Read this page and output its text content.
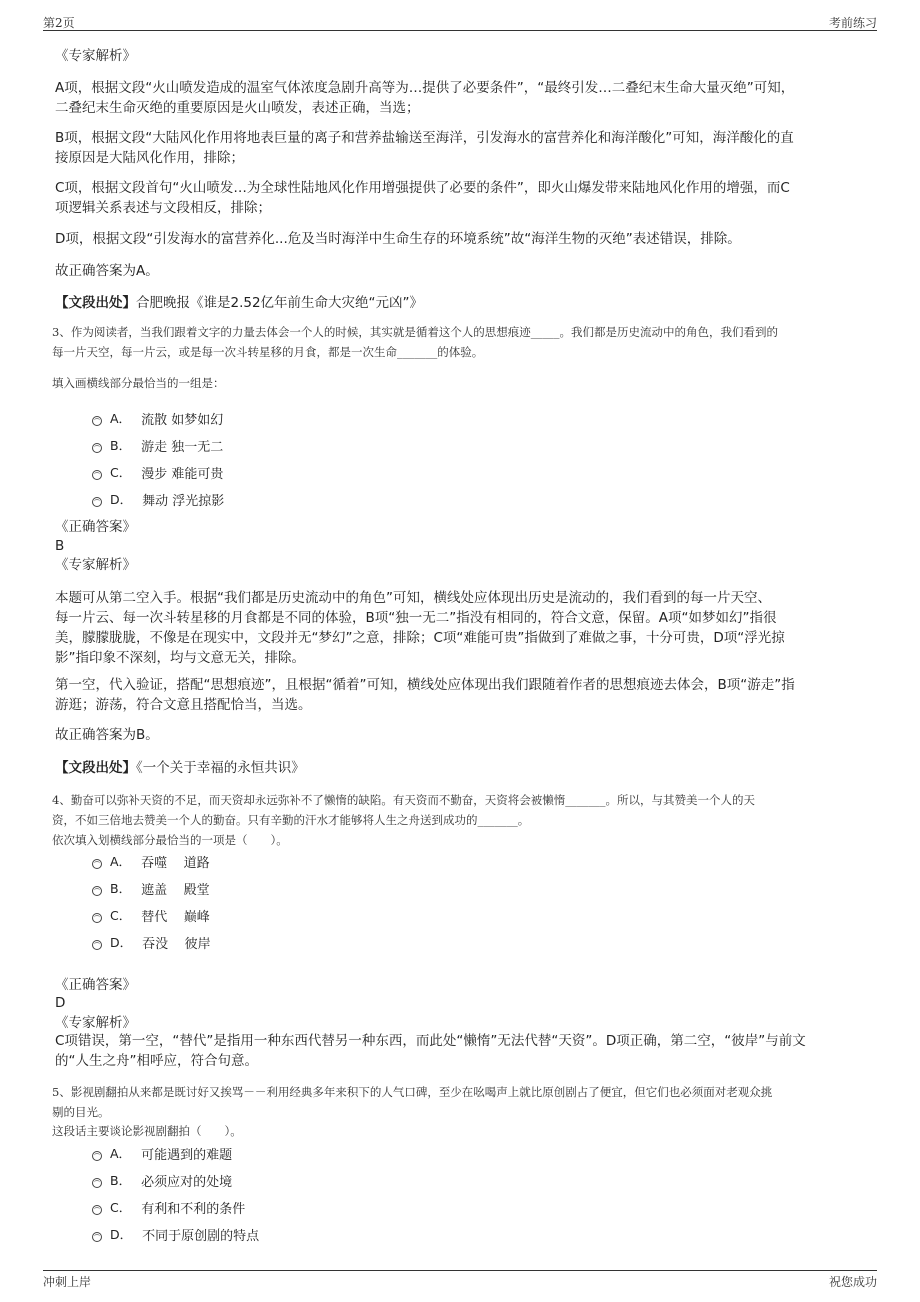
第2页	考前练习
《专家解析》
A项，根据文段“火山喷发造成的温室气体浓度急剧升高等为…提供了必要条件”，“最终引发…二叠纪末生命大量灭绝”可知，
二叠纪末生命灭绝的重要原因是火山喷发，表述正确，当选；
B项，根据文段“大陆风化作用将地表巨量的离子和营养盐输送至海洋，引发海水的富营养化和海洋酸化”可知，海洋酸化的直
接原因是大陆风化作用，排除；
C项，根据文段首句“火山喷发…为全球性陆地风化作用增强提供了必要的条件”，即火山爆发带来陆地风化作用的增强，而C
项逻辑关系表述与文段相反，排除；
D项，根据文段“引发海水的富营养化...危及当时海洋中生命生存的环境系统”故“海洋生物的灭绝”表述错误，排除。
故正确答案为A。
【文段出处】合肥晚报《谁是2.52亿年前生命大灾绝“元凶”》
3、作为阅读者，当我们跟着文字的力量去体会一个人的时候，其实就是循着这个人的思想痕迹_____。我们都是历史流动中的角色，我们看到的
每一片天空，每一片云，或是每一次斗转星移的月食，都是一次生命_______的体验。
填入画横线部分最恰当的一组是：
A． 流散 如梦如幻
B． 游走 独一无二
C． 漫步 难能可贵
D． 舞动 浮光掠影
《正确答案》
B
《专家解析》
本题可从第二空入手。根据“我们都是历史流动中的角色”可知，横线处应体现出历史是流动的，我们看到的每一片天空、
每一片云、每一次斗转星移的月食都是不同的体验，B项“独一无二”指没有相同的，符合文意，保留。A项“如梦如幻”指很
美，朦朦胧胧，不像是在现实中，文段并无“梦幻”之意，排除；C项“难能可贵”指做到了难做之事，十分可贵，D项“浮光掠
影”指印象不深刻，均与文意无关，排除。
第一空，代入验证，搭配“思想痕迹”，且根据“循着”可知，横线处应体现出我们跟随着作者的思想痕迹去体会，B项“游走”指
游逛；游荡，符合文意且搭配恰当，当选。
故正确答案为B。
【文段出处】《一个关于幸福的永恒共识》
4、勤奋可以弥补天资的不足，而天资却永远弥补不了懒惰的缺陷。有天资而不勤奋，天资将会被懒惰_______。所以，与其赞美一个人的天
资，不如三倍地去赞美一个人的勤奋。只有辛勤的汗水才能够将人生之舟送到成功的_______。
依次填入划横线部分最恰当的一项是（　　）。
A． 吞噬    道路
B． 遮盖    殿堂
C． 替代    巅峰
D． 吞没    彼岸
《正确答案》
D
《专家解析》
C项错误，第一空，“替代”是指用一种东西代替另一种东西，而此处“懒惰”无法代替“天资”。D项正确，第二空，“彼岸”与前文
的“人生之舟”相呼应，符合句意。
5、影视剧翻拍从来都是既讨好又挨骂－－利用经典多年来积下的人气口碑，至少在吆喝声上就比原创剧占了便宜，但它们也必须面对老观众挑
剔的目光。
这段话主要谈论影视剧翻拍（　　）。
A． 可能遇到的难题
B． 必须应对的处境
C． 有利和不利的条件
D． 不同于原创剧的特点
冲刺上岸	祝您成功
